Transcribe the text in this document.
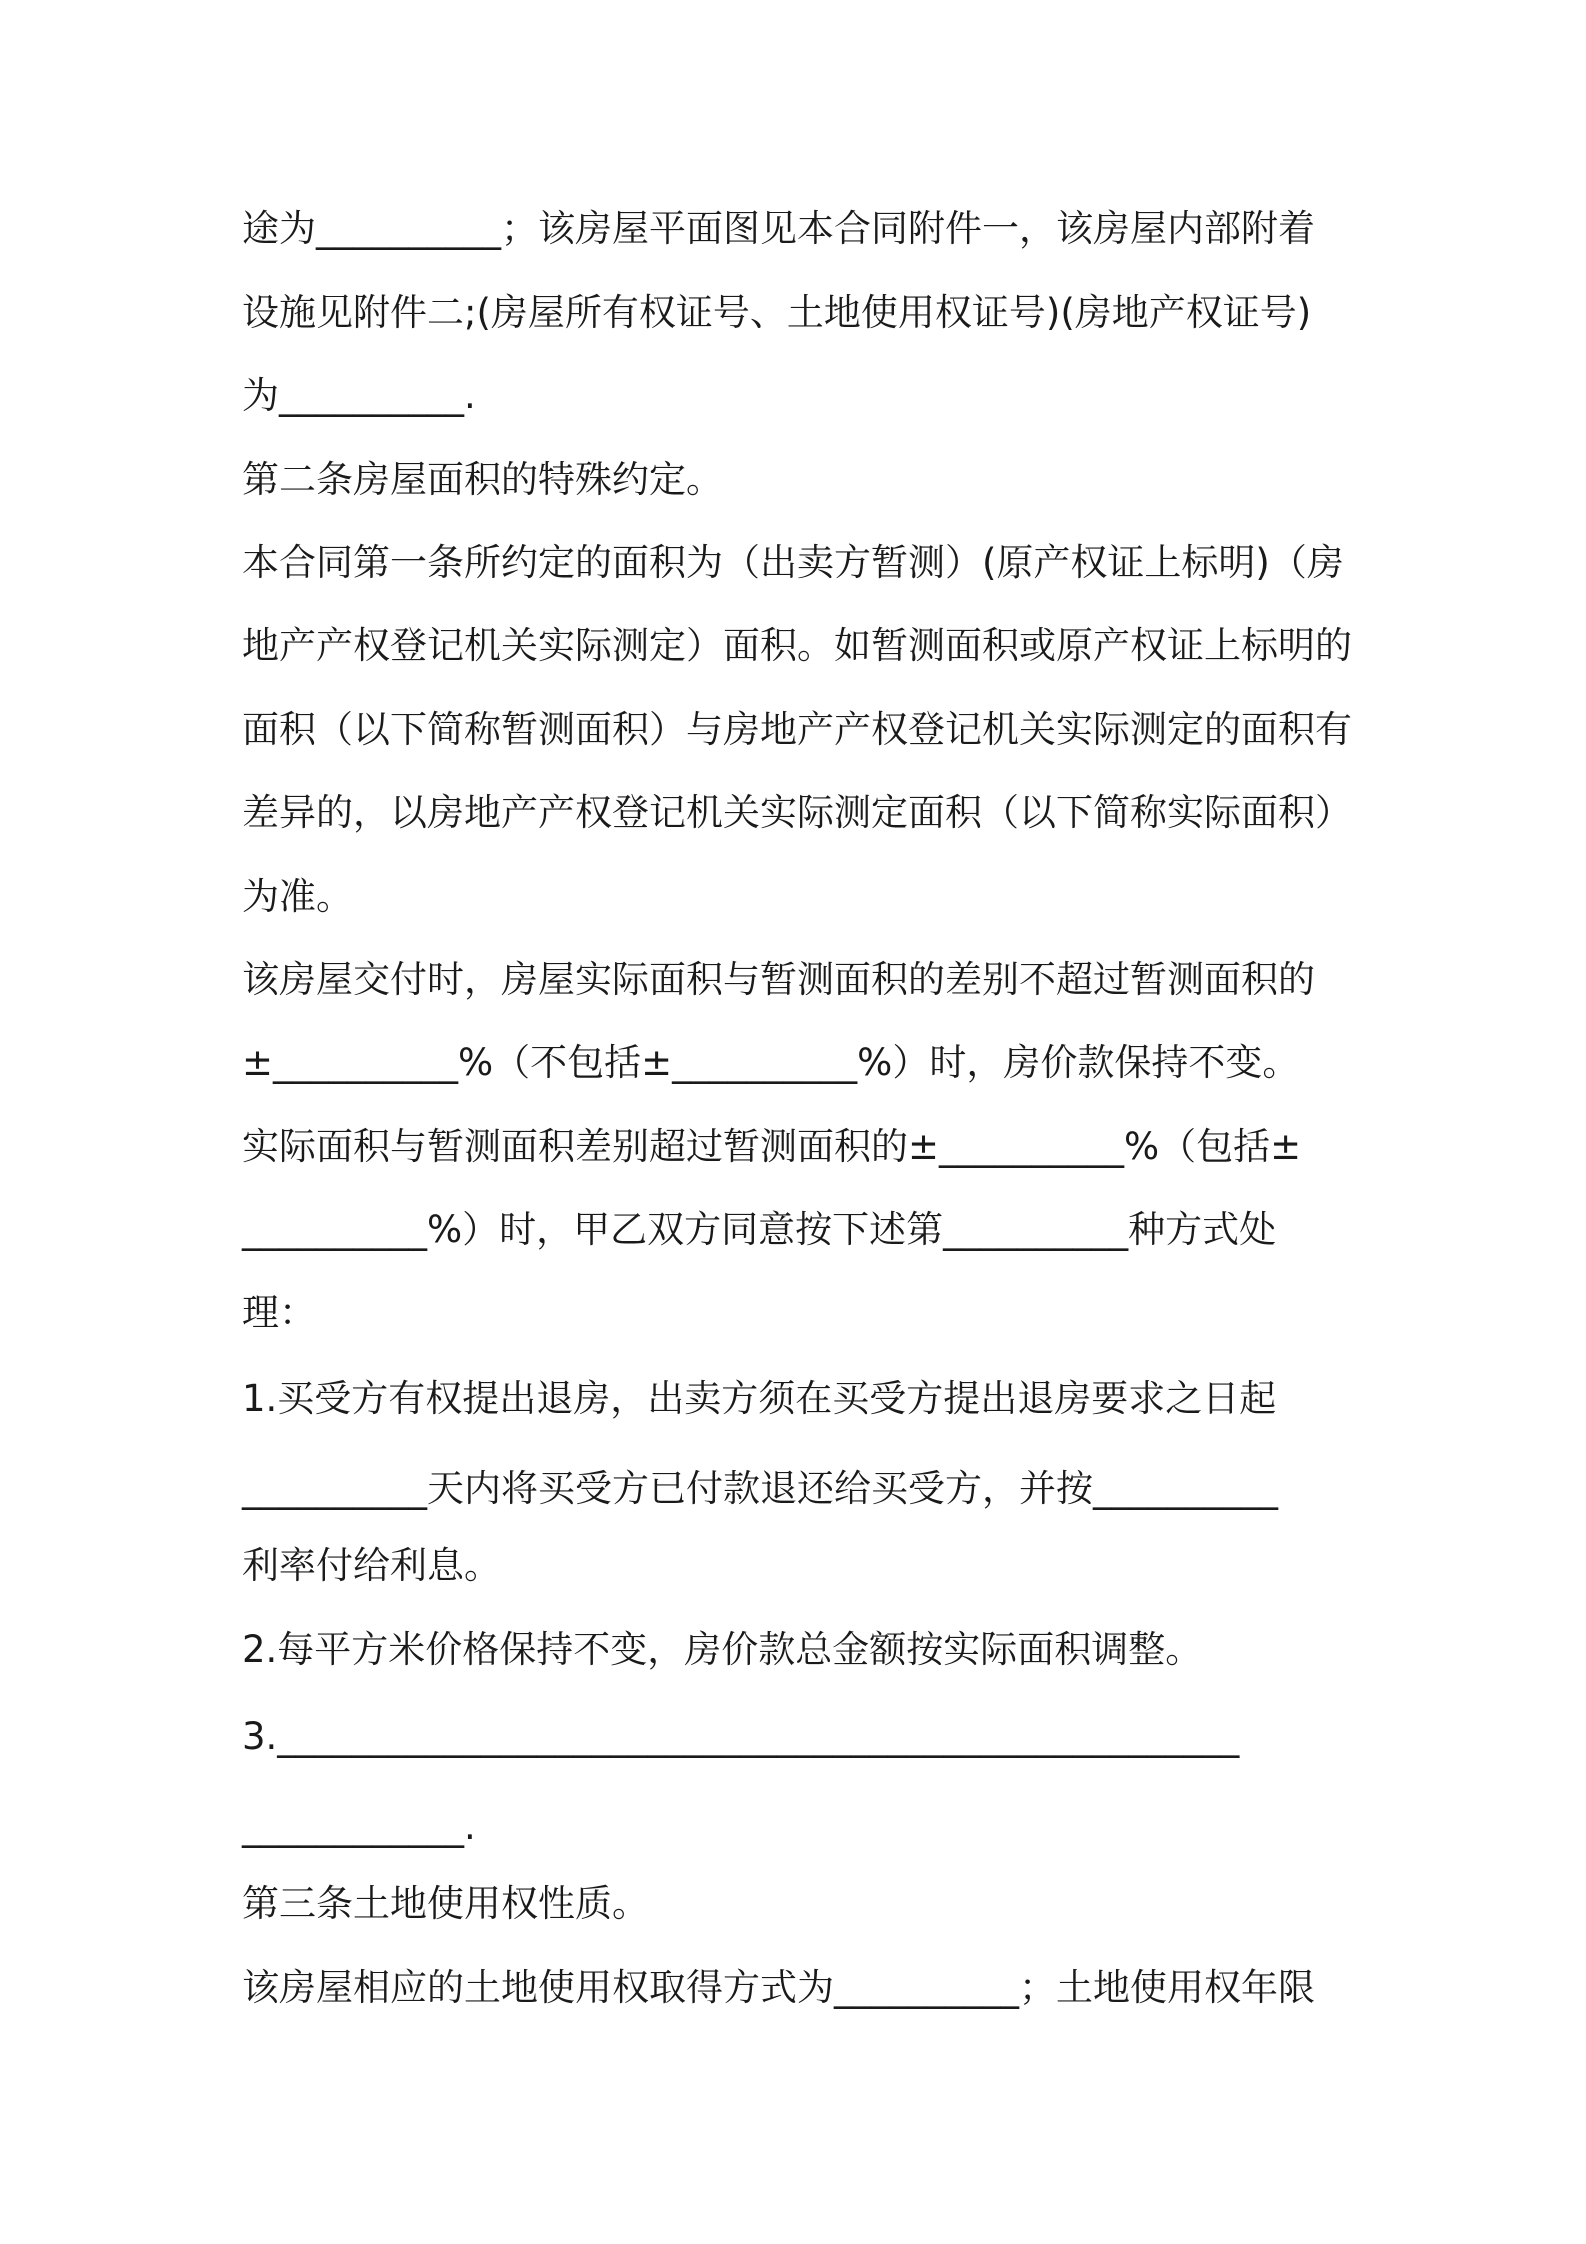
途为__________；该房屋平面图见本合同附件一，该房屋内部附着
设施见附件二;(房屋所有权证号、土地使用权证号)(房地产权证号)
为__________.
第二条房屋面积的特殊约定。
本合同第一条所约定的面积为（出卖方暂测）(原产权证上标明)（房
地产产权登记机关实际测定）面积。如暂测面积或原产权证上标明的
面积（以下简称暂测面积）与房地产产权登记机关实际测定的面积有
差异的，以房地产产权登记机关实际测定面积（以下简称实际面积）
为准。
该房屋交付时，房屋实际面积与暂测面积的差别不超过暂测面积的
±__________%（不包括±__________%）时，房价款保持不变。
实际面积与暂测面积差别超过暂测面积的±__________%（包括±
__________%）时，甲乙双方同意按下述第__________种方式处
理：
1.买受方有权提出退房，出卖方须在买受方提出退房要求之日起
__________天内将买受方已付款退还给买受方，并按__________
利率付给利息。
2.每平方米价格保持不变，房价款总金额按实际面积调整。
3.____________________________________________________
____________.
第三条土地使用权性质。
该房屋相应的土地使用权取得方式为__________；土地使用权年限
